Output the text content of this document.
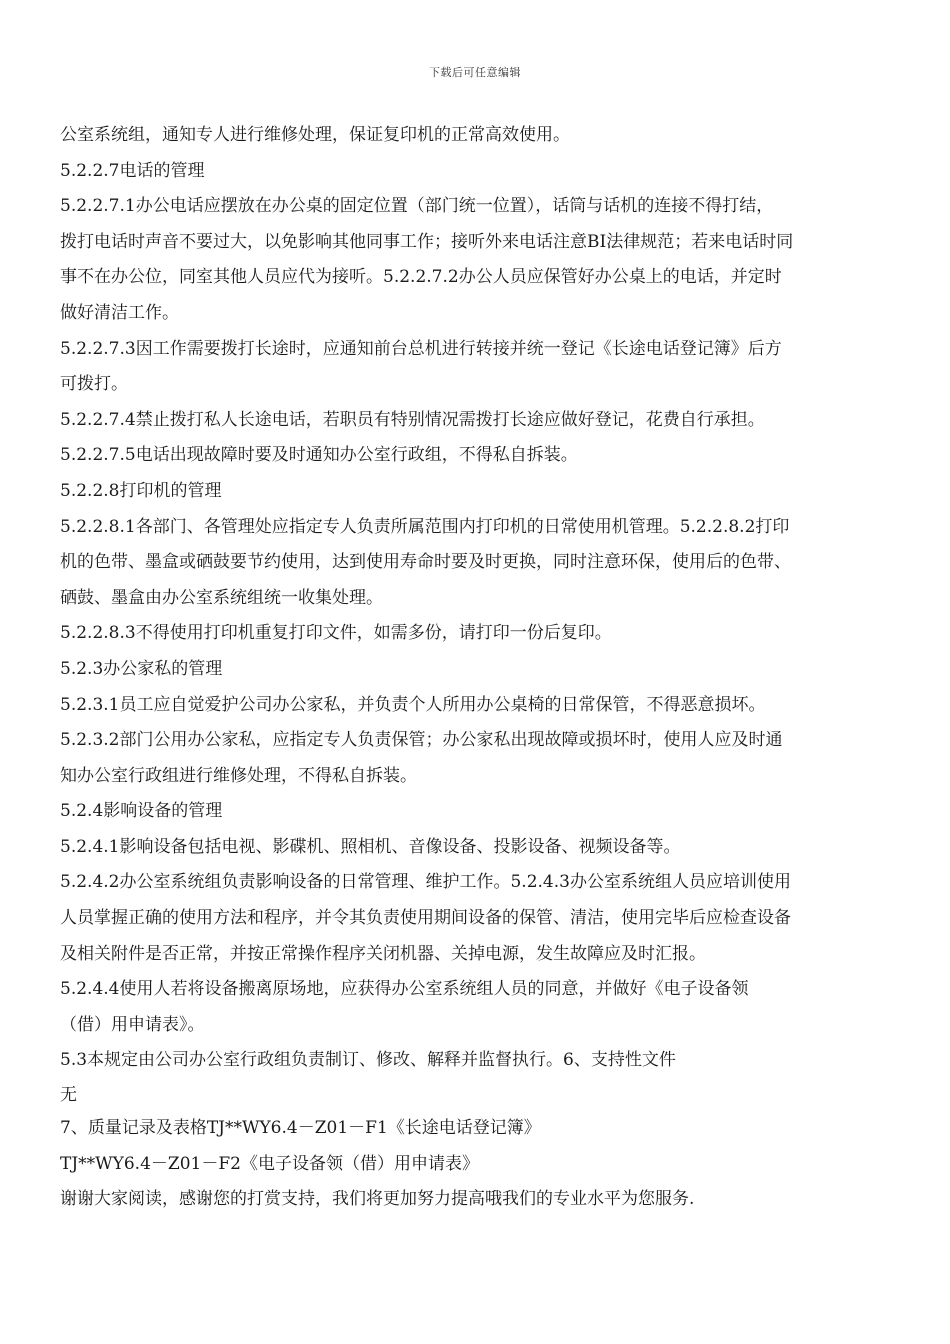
下载后可任意编辑
公室系统组，通知专人进行维修处理，保证复印机的正常高效使用。
5.2.2.7电话的管理
5.2.2.7.1办公电话应摆放在办公桌的固定位置（部门统一位置），话筒与话机的连接不得打结，
拨打电话时声音不要过大，以免影响其他同事工作；接听外来电话注意BI法律规范；若来电话时同
事不在办公位，同室其他人员应代为接听。5.2.2.7.2办公人员应保管好办公桌上的电话，并定时
做好清洁工作。
5.2.2.7.3因工作需要拨打长途时，应通知前台总机进行转接并统一登记《长途电话登记簿》后方
可拨打。
5.2.2.7.4禁止拨打私人长途电话，若职员有特别情况需拨打长途应做好登记，花费自行承担。
5.2.2.7.5电话出现故障时要及时通知办公室行政组，不得私自拆装。
5.2.2.8打印机的管理
5.2.2.8.1各部门、各管理处应指定专人负责所属范围内打印机的日常使用机管理。5.2.2.8.2打印
机的色带、墨盒或硒鼓要节约使用，达到使用寿命时要及时更换，同时注意环保，使用后的色带、
硒鼓、墨盒由办公室系统组统一收集处理。
5.2.2.8.3不得使用打印机重复打印文件，如需多份，请打印一份后复印。
5.2.3办公家私的管理
5.2.3.1员工应自觉爱护公司办公家私，并负责个人所用办公桌椅的日常保管，不得恶意损坏。
5.2.3.2部门公用办公家私，应指定专人负责保管；办公家私出现故障或损坏时，使用人应及时通
知办公室行政组进行维修处理，不得私自拆装。
5.2.4影响设备的管理
5.2.4.1影响设备包括电视、影碟机、照相机、音像设备、投影设备、视频设备等。
5.2.4.2办公室系统组负责影响设备的日常管理、维护工作。5.2.4.3办公室系统组人员应培训使用
人员掌握正确的使用方法和程序，并令其负责使用期间设备的保管、清洁，使用完毕后应检查设备
及相关附件是否正常，并按正常操作程序关闭机器、关掉电源，发生故障应及时汇报。
5.2.4.4使用人若将设备搬离原场地，应获得办公室系统组人员的同意，并做好《电子设备领
（借）用申请表》。
5.3本规定由公司办公室行政组负责制订、修改、解释并监督执行。6、支持性文件
无
7、质量记录及表格TJ**WY6.4－Z01－F1《长途电话登记簿》
TJ**WY6.4－Z01－F2《电子设备领（借）用申请表》
谢谢大家阅读，感谢您的打赏支持，我们将更加努力提高哦我们的专业水平为您服务.
